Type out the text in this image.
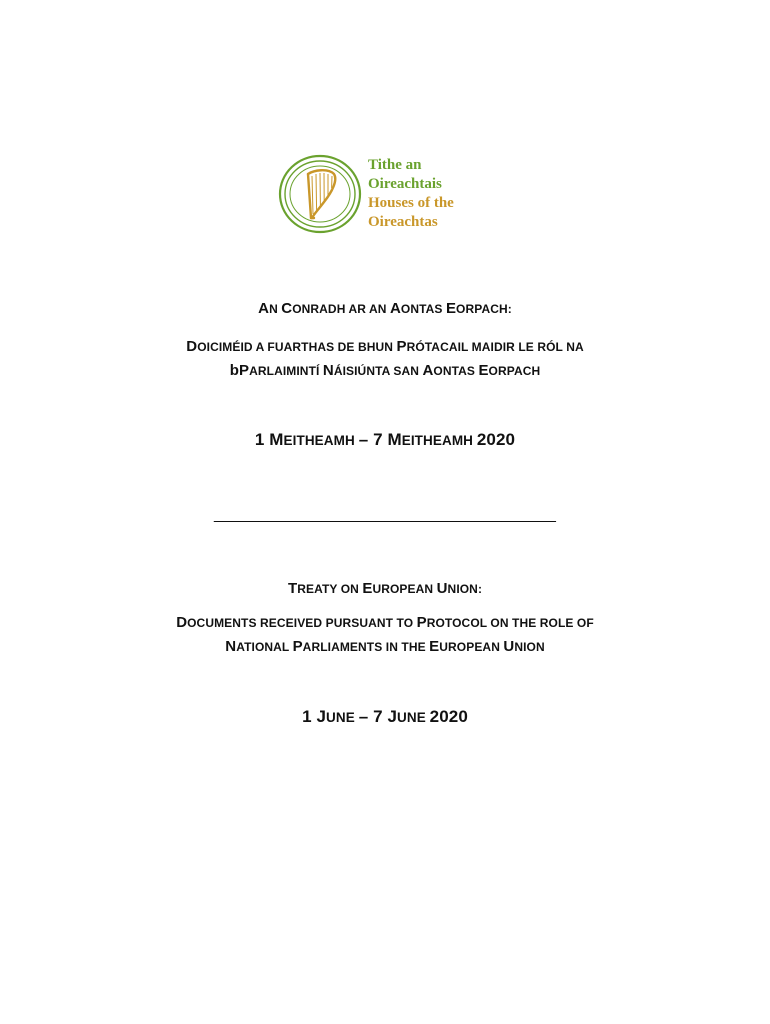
Tithe an
Oireachtais
Houses of the
Oireachtas
AN CONRADH AR AN AONTAS EORPACH:
DOICIMÉID A FUARTHAS DE BHUN PRÓTACAIL MAIDIR LE RÓL NA
bPARLAIMINTÍ NÁISIÚNTA SAN AONTAS EORPACH
1 MEITHEAMH – 7 MEITHEAMH 2020
______________________________________
TREATY ON EUROPEAN UNION:
DOCUMENTS RECEIVED PURSUANT TO PROTOCOL ON THE ROLE OF
NATIONAL PARLIAMENTS IN THE EUROPEAN UNION
1 JUNE – 7 JUNE 2020
